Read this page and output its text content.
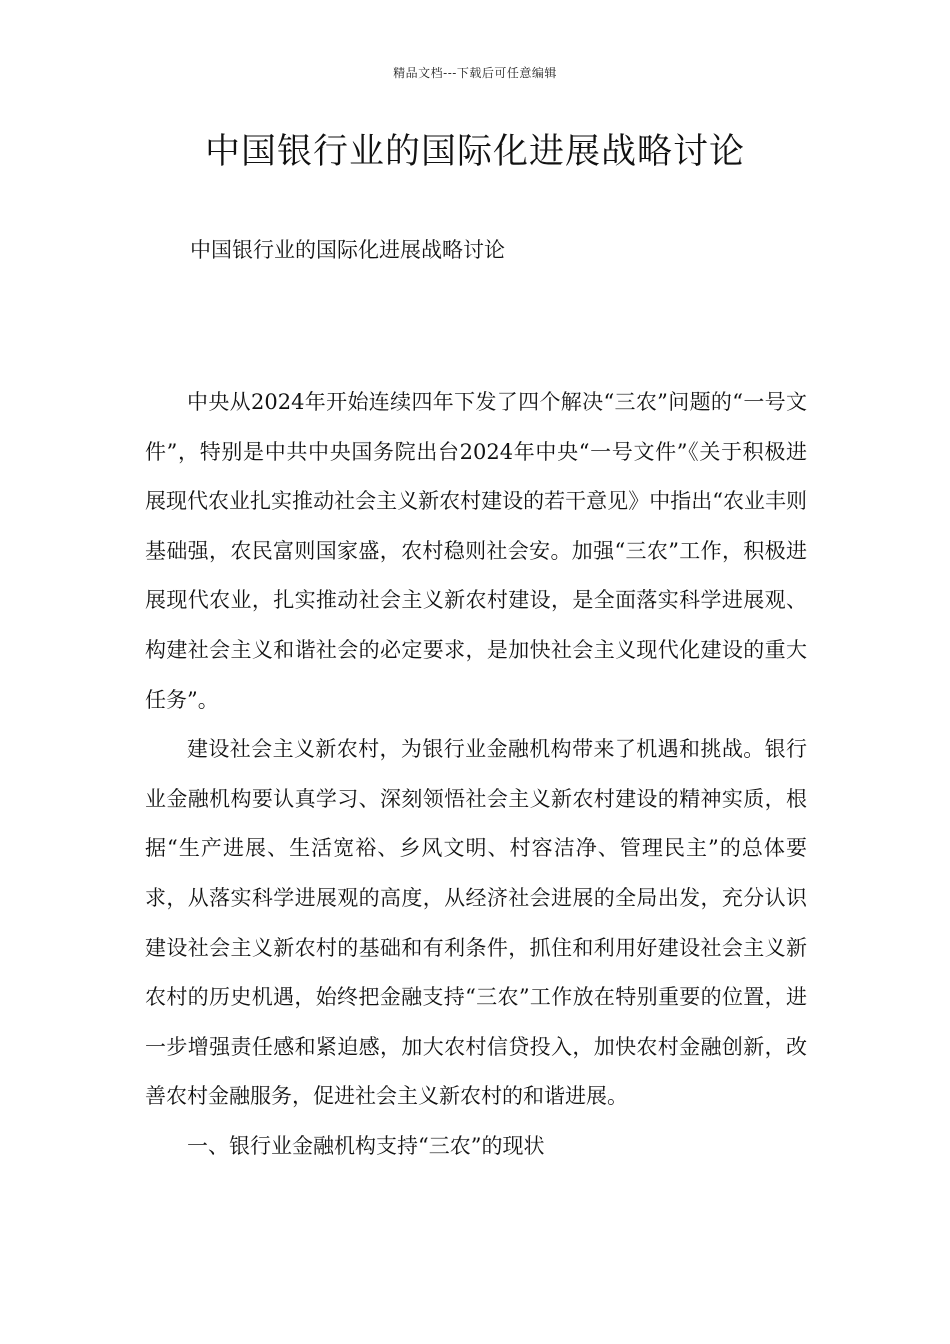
精品文档---下载后可任意编辑
中国银行业的国际化进展战略讨论
中国银行业的国际化进展战略讨论

中央从2024年开始连续四年下发了四个解决“三农”问题的“一号文件”，特别是中共中央国务院出台2024年中央“一号文件”《关于积极进展现代农业扎实推动社会主义新农村建设的若干意见》中指出“农业丰则基础强，农民富则国家盛，农村稳则社会安。加强“三农”工作，积极进展现代农业，扎实推动社会主义新农村建设，是全面落实科学进展观、构建社会主义和谐社会的必定要求，是加快社会主义现代化建设的重大任务”。

建设社会主义新农村，为银行业金融机构带来了机遇和挑战。银行业金融机构要认真学习、深刻领悟社会主义新农村建设的精神实质，根据“生产进展、生活宽裕、乡风文明、村容洁净、管理民主”的总体要求，从落实科学进展观的高度，从经济社会进展的全局出发，充分认识建设社会主义新农村的基础和有利条件，抓住和利用好建设社会主义新农村的历史机遇，始终把金融支持“三农”工作放在特别重要的位置，进一步增强责任感和紧迫感，加大农村信贷投入，加快农村金融创新，改善农村金融服务，促进社会主义新农村的和谐进展。

一、银行业金融机构支持“三农”的现状
